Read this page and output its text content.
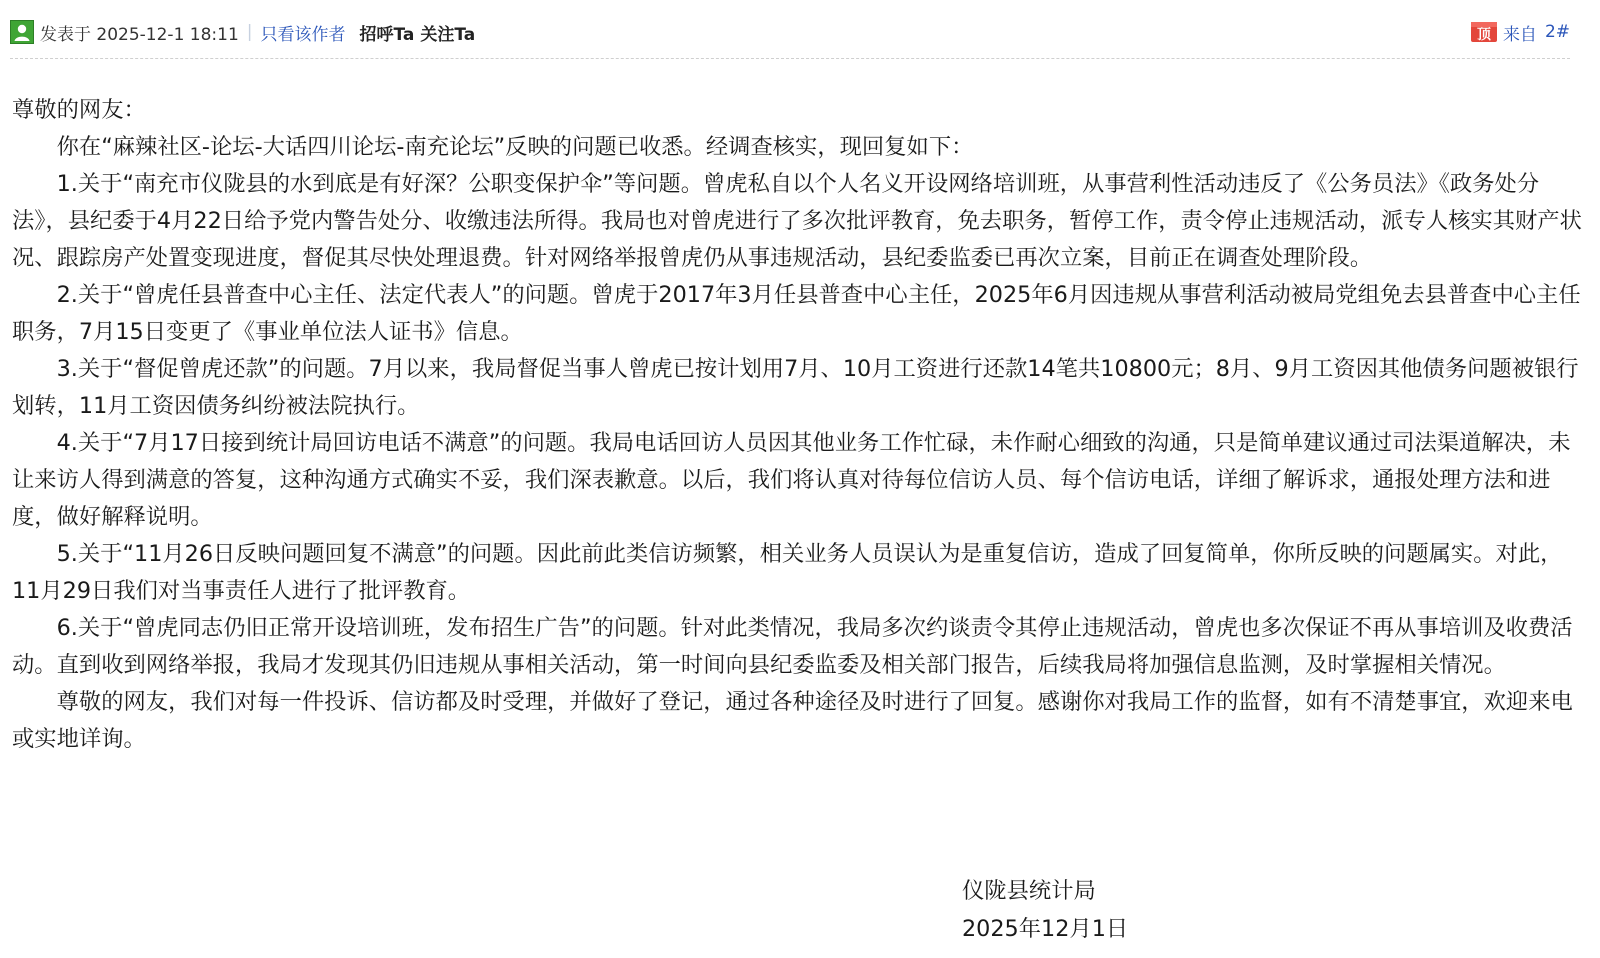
发表于 2025-12-1 18:11 | 只看该作者 招呼Ta 关注Ta	顶 来自 2#

尊敬的网友：

你在“麻辣社区-论坛-大话四川论坛-南充论坛”反映的问题已收悉。经调查核实，现回复如下：

1.关于“南充市仪陇县的水到底是有好深？公职变保护伞”等问题。曾虎私自以个人名义开设网络培训班，从事营利性活动违反了《公务员法》《政务处分法》，县纪委于4月22日给予党内警告处分、收缴违法所得。我局也对曾虎进行了多次批评教育，免去职务，暂停工作，责令停止违规活动，派专人核实其财产状况、跟踪房产处置变现进度，督促其尽快处理退费。针对网络举报曾虎仍从事违规活动，县纪委监委已再次立案，目前正在调查处理阶段。

2.关于“曾虎任县普查中心主任、法定代表人”的问题。曾虎于2017年3月任县普查中心主任，2025年6月因违规从事营利活动被局党组免去县普查中心主任职务，7月15日变更了《事业单位法人证书》信息。

3.关于“督促曾虎还款”的问题。7月以来，我局督促当事人曾虎已按计划用7月、10月工资进行还款14笔共10800元；8月、9月工资因其他债务问题被银行划转，11月工资因债务纠纷被法院执行。

4.关于“7月17日接到统计局回访电话不满意”的问题。我局电话回访人员因其他业务工作忙碌，未作耐心细致的沟通，只是简单建议通过司法渠道解决，未让来访人得到满意的答复，这种沟通方式确实不妥，我们深表歉意。以后，我们将认真对待每位信访人员、每个信访电话，详细了解诉求，通报处理方法和进度，做好解释说明。

5.关于“11月26日反映问题回复不满意”的问题。因此前此类信访频繁，相关业务人员误认为是重复信访，造成了回复简单，你所反映的问题属实。对此，11月29日我们对当事责任人进行了批评教育。

6.关于“曾虎同志仍旧正常开设培训班，发布招生广告”的问题。针对此类情况，我局多次约谈责令其停止违规活动，曾虎也多次保证不再从事培训及收费活动。直到收到网络举报，我局才发现其仍旧违规从事相关活动，第一时间向县纪委监委及相关部门报告，后续我局将加强信息监测，及时掌握相关情况。

尊敬的网友，我们对每一件投诉、信访都及时受理，并做好了登记，通过各种途径及时进行了回复。感谢你对我局工作的监督，如有不清楚事宜，欢迎来电或实地详询。

仪陇县统计局
2025年12月1日
